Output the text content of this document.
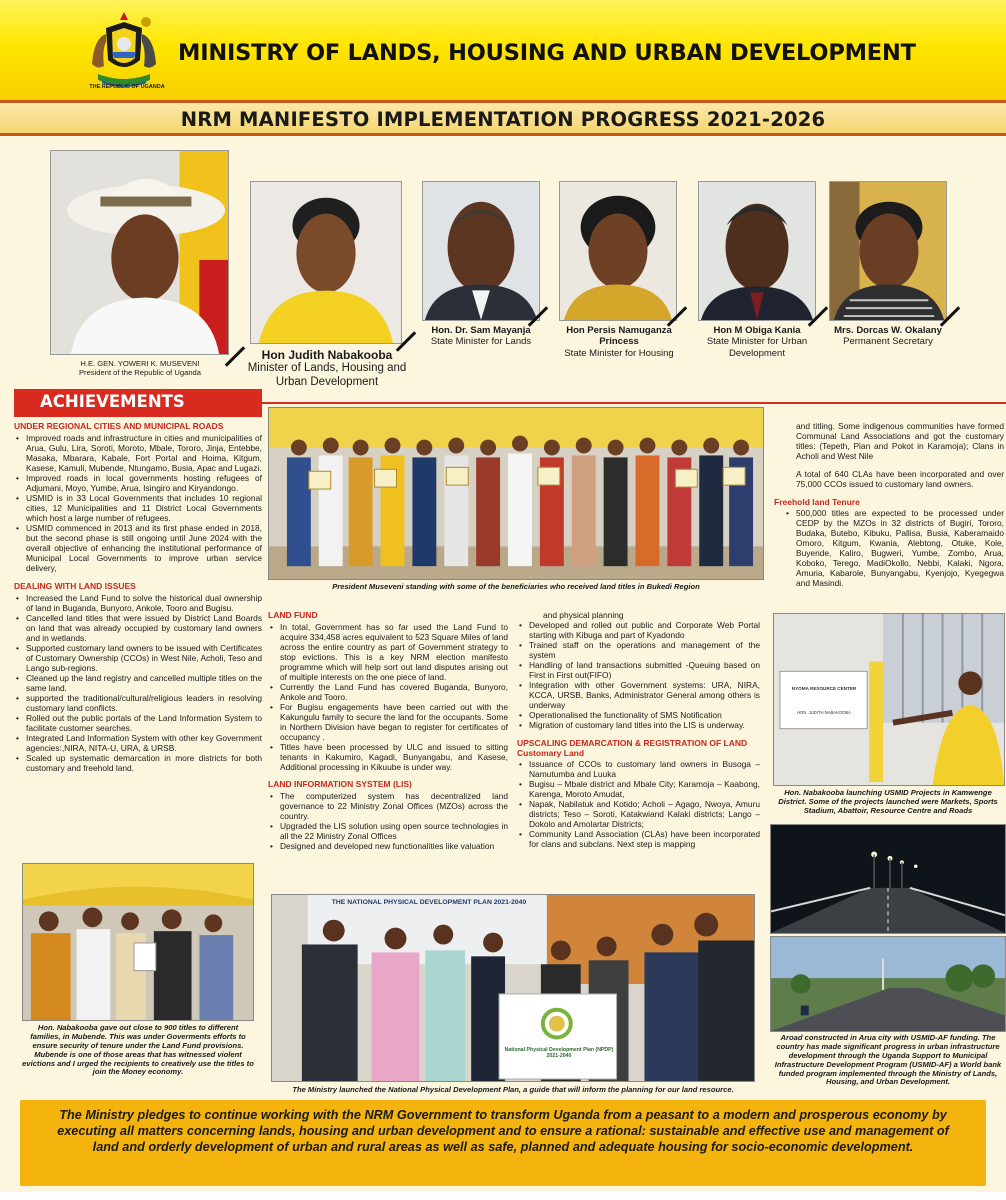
THE REPUBLIC OF UGANDA
MINISTRY OF LANDS, HOUSING AND URBAN DEVELOPMENT
NRM MANIFESTO IMPLEMENTATION PROGRESS 2021-2026
H.E. GEN. YOWERI K. MUSEVENI
President of the Republic of Uganda
Hon Judith Nabakooba
Minister of Lands, Housing and Urban Development
Hon. Dr. Sam Mayanja
State Minister for Lands
Hon Persis Namuganza Princess
State Minister for Housing
Hon M Obiga Kania
State Minister for Urban Development
Mrs. Dorcas W. Okalany
Permanent Secretary
ACHIEVEMENTS
UNDER REGIONAL CITIES AND MUNICIPAL ROADS
• Improved roads and infrastructure in cities and municipalities of Arua, Gulu, Lira, Soroti, Moroto, Mbale, Tororo, Jinja, Entebbe, Masaka, Mbarara, Kabale, Fort Portal and Hoima, Kitgum, Kasese, Kamuli, Mubende, Ntungamo, Busia, Apac and Lugazi.
• Improved roads in local governments hosting refugees of Adjumani, Moyo, Yumbe, Arua, Isingiro and Kiryandongo.
• USMID is in 33 Local Governments that includes 10 regional cities, 12 Municipalities and 11 District Local Governments which host a large number of refugees.
• USMID commenced in 2013 and its first phase ended in 2018, but the second phase is still ongoing until June 2024 with the overall objective of enhancing the institutional performance of Municipal Local Governments to improve urban service delivery,
DEALING WITH LAND ISSUES
• Increased the Land Fund to solve the historical dual ownership of land in Buganda, Bunyoro, Ankole, Tooro and Bugisu.
• Cancelled land titles that were issued by District Land Boards on land that was already occupied by customary land owners and in wetlands.
• Supported customary land owners to be issued with Certificates of Customary Ownership (CCOs) in West Nile, Acholi, Teso and Lango sub-regions.
• Cleaned up the land registry and cancelled multiple titles on the same land.
• supported the traditional/cultural/religious leaders in resolving customary land conflicts.
• Rolled out the public portals of the Land Information System to facilitate customer searches.
• Integrated Land Information System with other key Government agencies:,NIRA, NITA-U, URA, & URSB.
• Scaled up systematic demarcation in more districts for both customary and freehold land.
President Museveni standing with some of the beneficiaries who received land titles in Bukedi Region
LAND FUND
• In total, Government has so far used the Land Fund to acquire 334,458 acres equivalent to 523 Square Miles of land across the entire country as part of Government strategy to stop evictions. This is a key NRM election manifesto programme which will help sort out land disputes arising out of multiple interests on the one piece of land.
• Currently the Land Fund has covered Buganda, Bunyoro, Ankole and Tooro.
• For Bugisu engagements have been carried out with the Kakungulu family to secure the land for the occupants. Some in Northern Division have began to register for certificates of occupancy .
• Titles have been processed by ULC and issued to sitting tenants in Kakumiro, Kagadi, Bunyangabu, and Kasese, Additional processing in Kikuube is under way.
LAND INFORMATION SYSTEM (LIS)
• The computerized system has decentralized land governance to 22 Ministry Zonal Offices (MZOs) across the country.
• Upgraded the LIS solution using open source technologies in all the 22 Ministry Zonal Offices
• Designed and developed new functionalities like valuation

and physical planning

• Developed and rolled out public and Corporate Web Portal starting with Kibuga and part of Kyadondo
• Trained staff on the operations and management of the system
• Handling of land transactions submitted -Queuing based on First in First out(FIFO)
• Integration with other Government systems: URA, NIRA, KCCA, URSB, Banks, Administrator General among others is underway
• Operationalised the functionality of SMS Notification
• Migration of customary land titles into the LIS is underway.
UPSCALING DEMARCATION & REGISTRATION OF LAND
Customary Land
• Issuance of CCOs to customary land owners in Busoga – Namutumba and Luuka
• Bugisu – Mbale district and Mbale City; Karamoja – Kaabong, Karenga, Moroto Amudat,
• Napak, Nabilatuk and Kotido; Acholi – Agago, Nwoya, Amuru districts; Teso – Soroti, Katakwiand Kalaki districts; Lango – Dokolo and Amolartar Districts;
• Community Land Association (CLAs) have been incorporated for clans and subclans. Next step is mapping

and titling. Some indigenous communities have formed Communal Land Associations and got the customary titles: (Tepeth, Pian and Pokot in Karamoja); Clans in Acholi and West Nile

A total of 640 CLAs have been incorporated and over 75,000 CCOs issued to customary land owners.

Freehold land Tenure
• 500,000 titles are expected to be processed under CEDP by the MZOs in 32 districts of Bugiri, Tororo, Budaka, Butebo, Kibuku, Pallisa, Busia, Kaberamaido Omoro, Kitgum, Kwania, Alebtong, Otuke, Kole, Buyende, Kaliro, Bugweri, Yumbe, Zombo, Arua, Koboko, Terego, MadiOkollo, Nebbi, Kalaki, Ngora, Amuria, Kabarole, Bunyangabu, Kyenjojo, Kyegegwa and Masindi.
NYOMA RESOURCE CENTER
HON. JUDITH NABAKOOBA
Hon. Nabakooba launching USMID Projects in Kamwenge District. Some of the projects launched were Markets, Sports Stadium, Abattoir, Resource Centre and Roads
Hon. Nabakooba gave out close to 900 titles to different families, in Mubende. This was under Goverments efforts to ensure security of tenure under the Land Fund provisions. Mubende is one of those areas that has witnessed violent evictions and I urged the recipients to creatively use the titles to join the Money economy.
THE NATIONAL PHYSICAL DEVELOPMENT PLAN 2021-2040
National Physical Development Plan (NPDP) 2021-2040
The Ministry launched the National Physical Development Plan, a guide that will inform the planning for our land resource.
Aroad constructed in Arua city with USMID-AF funding. The country has made significant progress in urban infrastructure development through the Uganda Support to Municipal Infrastructure Development Program (USMID-AF) a World bank funded program implemented through the Ministry of Lands, Housing, and Urban Development.
The Ministry pledges to continue working with the NRM Government to transform Uganda from a peasant to a modern and prosperous economy by executing all matters concerning lands, housing and urban development and to ensure a rational: sustainable and effective use and management of land and orderly development of urban and rural areas as well as safe, planned and adequate housing for socio-economic development.
